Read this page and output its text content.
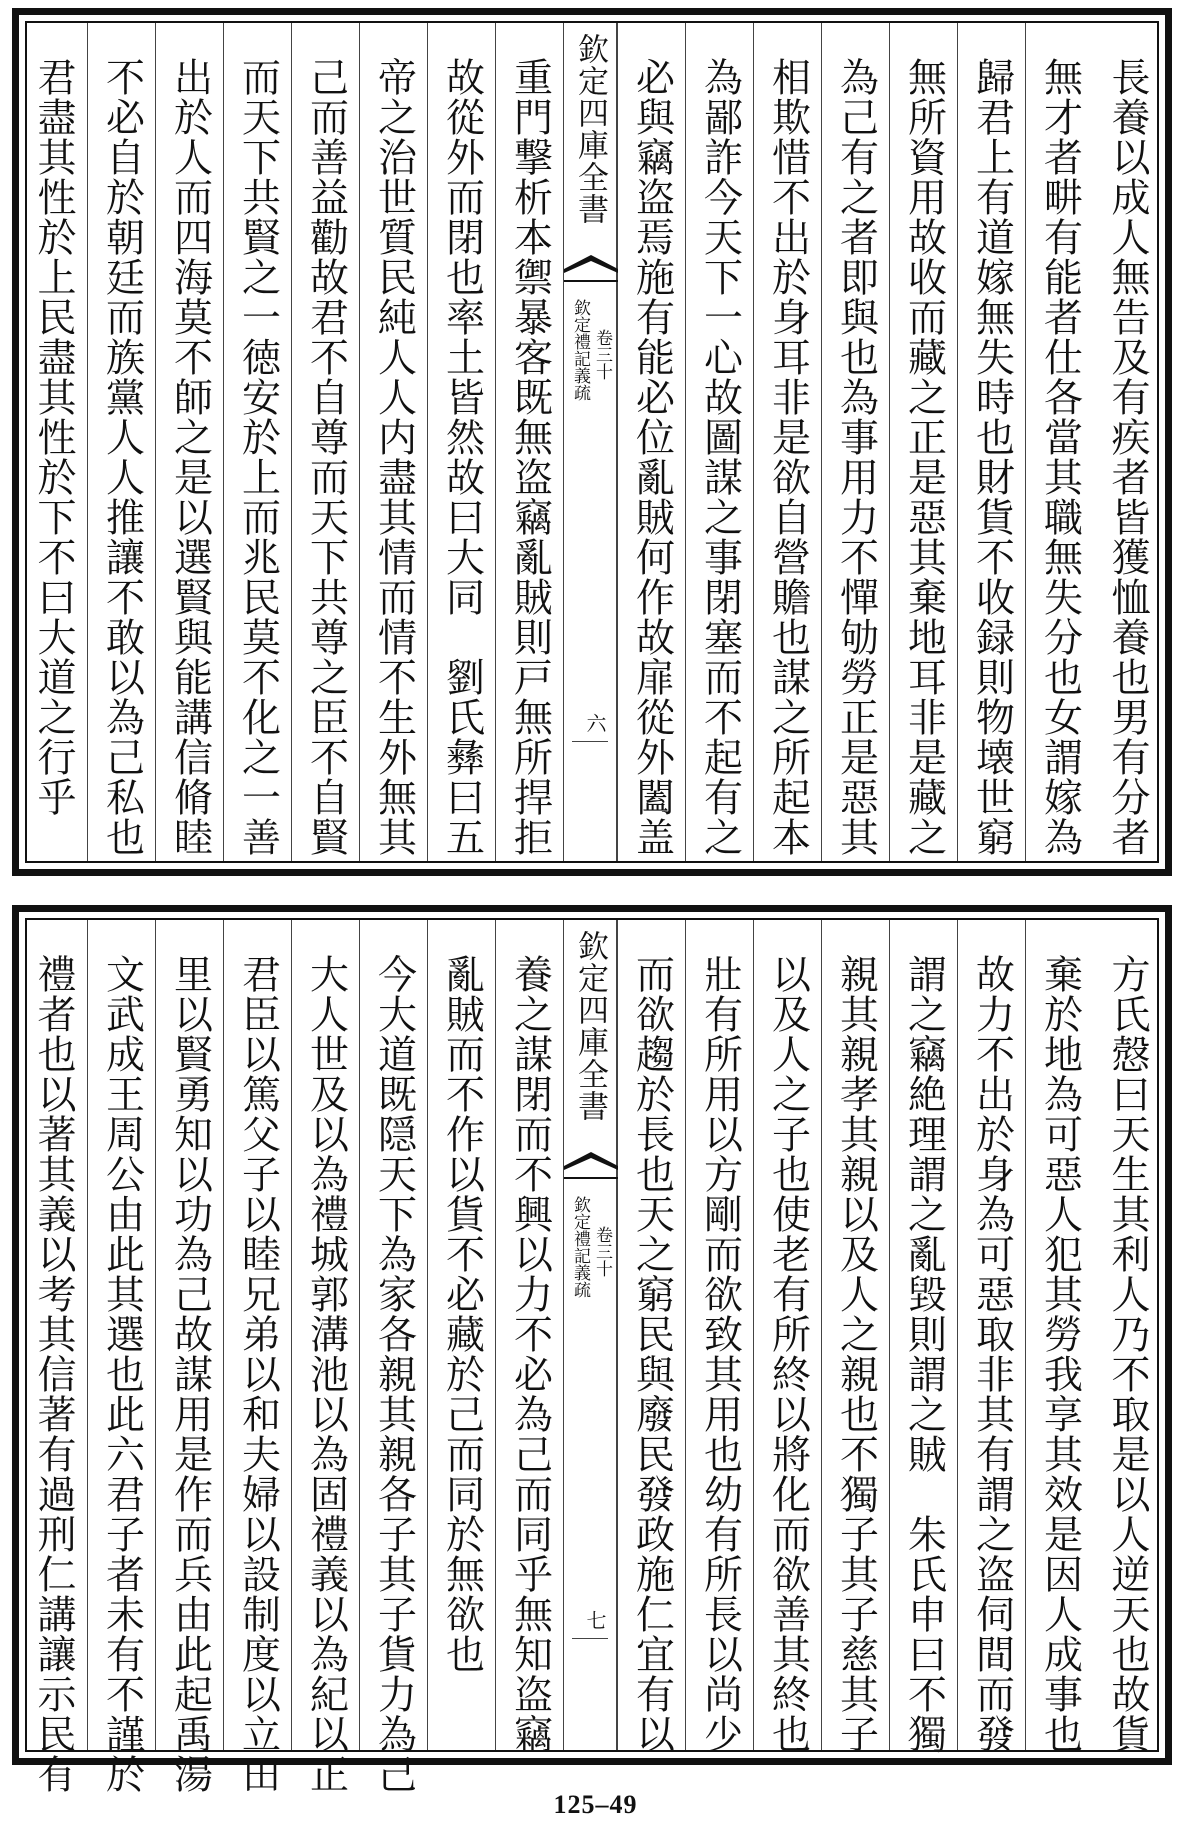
長養以成人無告及有疾者皆獲恤養也男有分者
無才者畊有能者仕各當其職無失分也女謂嫁為
歸君上有道嫁無失時也財貨不收録則物壊世窮
無所資用故收而藏之正是惡其棄地耳非是藏之
為己有之者即與也為事用力不憚劬勞正是惡其
相欺惜不出於身耳非是欲自營贍也謀之所起本
為鄙詐今天下一心故圖謀之事閉塞而不起有之
必與竊盗焉施有能必位亂賊何作故扉從外闔盖
欽定四庫全書
欽定禮記義疏 卷三十
六
重門撃析本禦暴客既無盗竊亂賊則戸無所捍拒
故從外而閉也率土皆然故曰大同　劉氏彝曰五
帝之治世質民純人人内盡其情而情不生外無其
己而善益勸故君不自尊而天下共尊之臣不自賢
而天下共賢之一徳安於上而兆民莫不化之一善
出於人而四海莫不師之是以選賢與能講信脩睦
不必自於朝廷而族黨人人推讓不敢以為己私也
君盡其性於上民盡其性於下不曰大道之行乎
方氏慤曰天生其利人乃不取是以人逆天也故貨
棄於地為可惡人犯其勞我享其效是因人成事也
故力不出於身為可惡取非其有謂之盗伺間而發
謂之竊絶理謂之亂毀則謂之賊　朱氏申曰不獨
親其親孝其親以及人之親也不獨子其子慈其子
以及人之子也使老有所終以將化而欲善其終也
壯有所用以方剛而欲致其用也幼有所長以尚少
而欲趨於長也天之窮民與廢民發政施仁宜有以
欽定四庫全書
欽定禮記義疏 卷三十
七
養之謀閉而不興以力不必為己而同乎無知盗竊
亂賊而不作以貨不必藏於己而同於無欲也
今大道既隠天下為家各親其親各子其子貨力為己
大人世及以為禮城郭溝池以為固禮義以為紀以正
君臣以篤父子以睦兄弟以和夫婦以設制度以立田
里以賢勇知以功為己故謀用是作而兵由此起禹湯
文武成王周公由此其選也此六君子者未有不謹於
禮者也以著其義以考其信著有過刑仁講讓示民有
125–49
